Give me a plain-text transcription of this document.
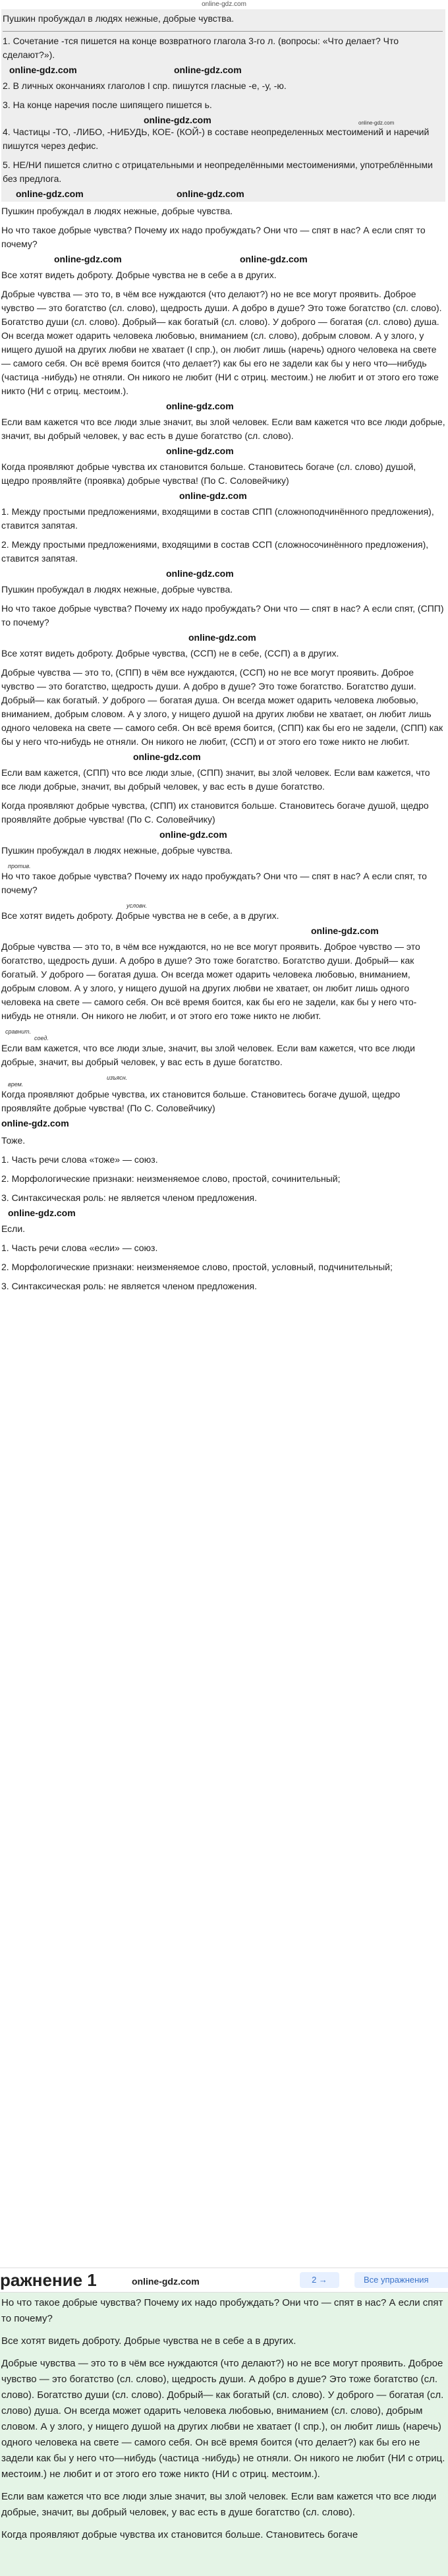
online-gdz.com

Пушкин пробуждал в людях нежные, добрые чувства.

1. Сочетание -тся пишется на конце возвратного глагола 3-го л. (вопросы: «Что делает? Что сделают?»).

online-gdz.com	online-gdz.com

2. В личных окончаниях глаголов I спр. пишутся гласные -е, -у, -ю.

3. На конце наречия после шипящего пишется ь.

online-gdz.com	online-gdz.com

4. Частицы -ТО, -ЛИБО, -НИБУДЬ, КОЕ- (КОЙ-) в составе неопределенных местоимений и наречий пишутся через дефис.

5. НЕ/НИ пишется слитно с отрицательными и неопределёнными местоимениями, употреблёнными без предлога.

online-gdz.com	online-gdz.com

Пушкин пробуждал в людях нежные, добрые чувства.

Но что такое добрые чувства? Почему их надо пробуждать? Они что — спят в нас? А если спят то почему?

online-gdz.com	online-gdz.com

Все хотят видеть доброту. Добрые чувства не в себе а в других.

Добрые чувства — это то, в чём все нуждаются (что делают?) но не все могут проявить. Доброе чувство — это богатство (сл. слово), щедрость души. А добро в душе? Это тоже богатство (сл. слово). Богатство души (сл. слово). Добрый— как богатый (сл. слово). У доброго — богатая (сл. слово) душа. Он всегда может одарить человека любовью, вниманием (сл. слово), добрым словом. А у злого, у нищего душой на других любви не хватает (I спр.), он любит лишь (наречь) одного человека на свете — самого себя. Он всё время боится (что делает?) как бы его не задели как бы у него что—нибудь (частица -нибудь) не отняли. Он никого не любит (НИ с отриц. местоим.) не любит и от этого его тоже никто (НИ с отриц. местоим.).

online-gdz.com

Если вам кажется что все люди злые значит, вы злой человек. Если вам кажется что все люди добрые, значит, вы добрый человек, у вас есть в душе богатство (сл. слово).

online-gdz.com

Когда проявляют добрые чувства их становится больше. Становитесь богаче (сл. слово) душой, щедро проявляйте (проявка) добрые чувства! (По С. Соловейчику)

online-gdz.com

1. Между простыми предложениями, входящими в состав СПП (сложноподчинённого предложения), ставится запятая.

2. Между простыми предложениями, входящими в состав ССП (сложносочинённого предложения), ставится запятая.

online-gdz.com

Пушкин пробуждал в людях нежные, добрые чувства.

Но что такое добрые чувства? Почему их надо пробуждать? Они что — спят в нас? А если спят, (СПП) то почему?

online-gdz.com

Все хотят видеть доброту. Добрые чувства, (ССП) не в себе, (ССП) а в других.

Добрые чувства — это то, (СПП) в чём все нуждаются, (ССП) но не все могут проявить. Доброе чувство — это богатство, щедрость души. А добро в душе? Это тоже богатство. Богатство души. Добрый— как богатый. У доброго — богатая душа. Он всегда может одарить человека любовью, вниманием, добрым словом. А у злого, у нищего душой на других любви не хватает, он любит лишь одного человека на свете — самого себя. Он всё время боится, (СПП) как бы его не задели, (СПП) как бы у него что-нибудь не отняли. Он никого не любит, (ССП) и от этого его тоже никто не любит.

online-gdz.com

Если вам кажется, (СПП) что все люди злые, (СПП) значит, вы злой человек. Если вам кажется, что все люди добрые, значит, вы добрый человек, у вас есть в душе богатство.

Когда проявляют добрые чувства, (СПП) их становится больше. Становитесь богаче душой, щедро проявляйте добрые чувства! (По С. Соловейчику)

online-gdz.com

Пушкин пробуждал в людях нежные, добрые чувства.

против.

Но что такое добрые чувства? Почему их надо пробуждать? Они что — спят в нас? А если спят, то почему?

условн.

Все хотят видеть доброту. Добрые чувства не в себе, а в других.

online-gdz.com

Добрые чувства — это то, в чём все нуждаются, но не все могут проявить. Доброе чувство — это богатство, щедрость души. А добро в душе? Это тоже богатство. Богатство души. Добрый— как богатый. У доброго — богатая душа. Он всегда может одарить человека любовью, вниманием, добрым словом. А у злого, у нищего душой на других любви не хватает, он любит лишь одного человека на свете — самого себя. Он всё время боится, как бы его не задели, как бы у него что-нибудь не отняли. Он никого не любит, и от этого его тоже никто не любит.

сравнит.

соед.

Если вам кажется, что все люди злые, значит, вы злой человек. Если вам кажется, что все люди добрые, значит, вы добрый человек, у вас есть в душе богатство.

изъясн.

врем.

Когда проявляют добрые чувства, их становится больше. Становитесь богаче душой, щедро проявляйте добрые чувства! (По С. Соловейчику)

online-gdz.com

Тоже.

1. Часть речи слова «тоже» — союз.

2. Морфологические признаки: неизменяемое слово, простой, сочинительный;

3. Синтаксическая роль: не является членом предложения.

online-gdz.com

Если.

1. Часть речи слова «если» — союз.

2. Морфологические признаки: неизменяемое слово, простой, условный, подчинительный;

3. Синтаксическая роль: не является членом предложения.

ражнение 1	online-gdz.com	2 →	Все упражнения

Но что такое добрые чувства? Почему их надо пробуждать? Они что — спят в нас? А если спят то почему?

Все хотят видеть доброту. Добрые чувства не в себе а в других.

Добрые чувства — это то в чём все нуждаются (что делают?) но не все могут проявить. Доброе чувство — это богатство (сл. слово), щедрость души. А добро в душе? Это тоже богатство (сл. слово). Богатство души (сл. слово). Добрый— как богатый (сл. слово). У доброго — богатая (сл. слово) душа. Он всегда может одарить человека любовью, вниманием (сл. слово), добрым словом. А у злого, у нищего душой на других любви не хватает (I спр.), он любит лишь (наречь) одного человека на свете — самого себя. Он всё время боится (что делает?) как бы его не задели как бы у него что—нибудь (частица -нибудь) не отняли. Он никого не любит (НИ с отриц. местоим.) не любит и от этого его тоже никто (НИ с отриц. местоим.).

Если вам кажется что все люди злые значит, вы злой человек. Если вам кажется что все люди добрые, значит, вы добрый человек, у вас есть в душе богатство (сл. слово).

Когда проявляют добрые чувства их становится больше. Становитесь богаче
